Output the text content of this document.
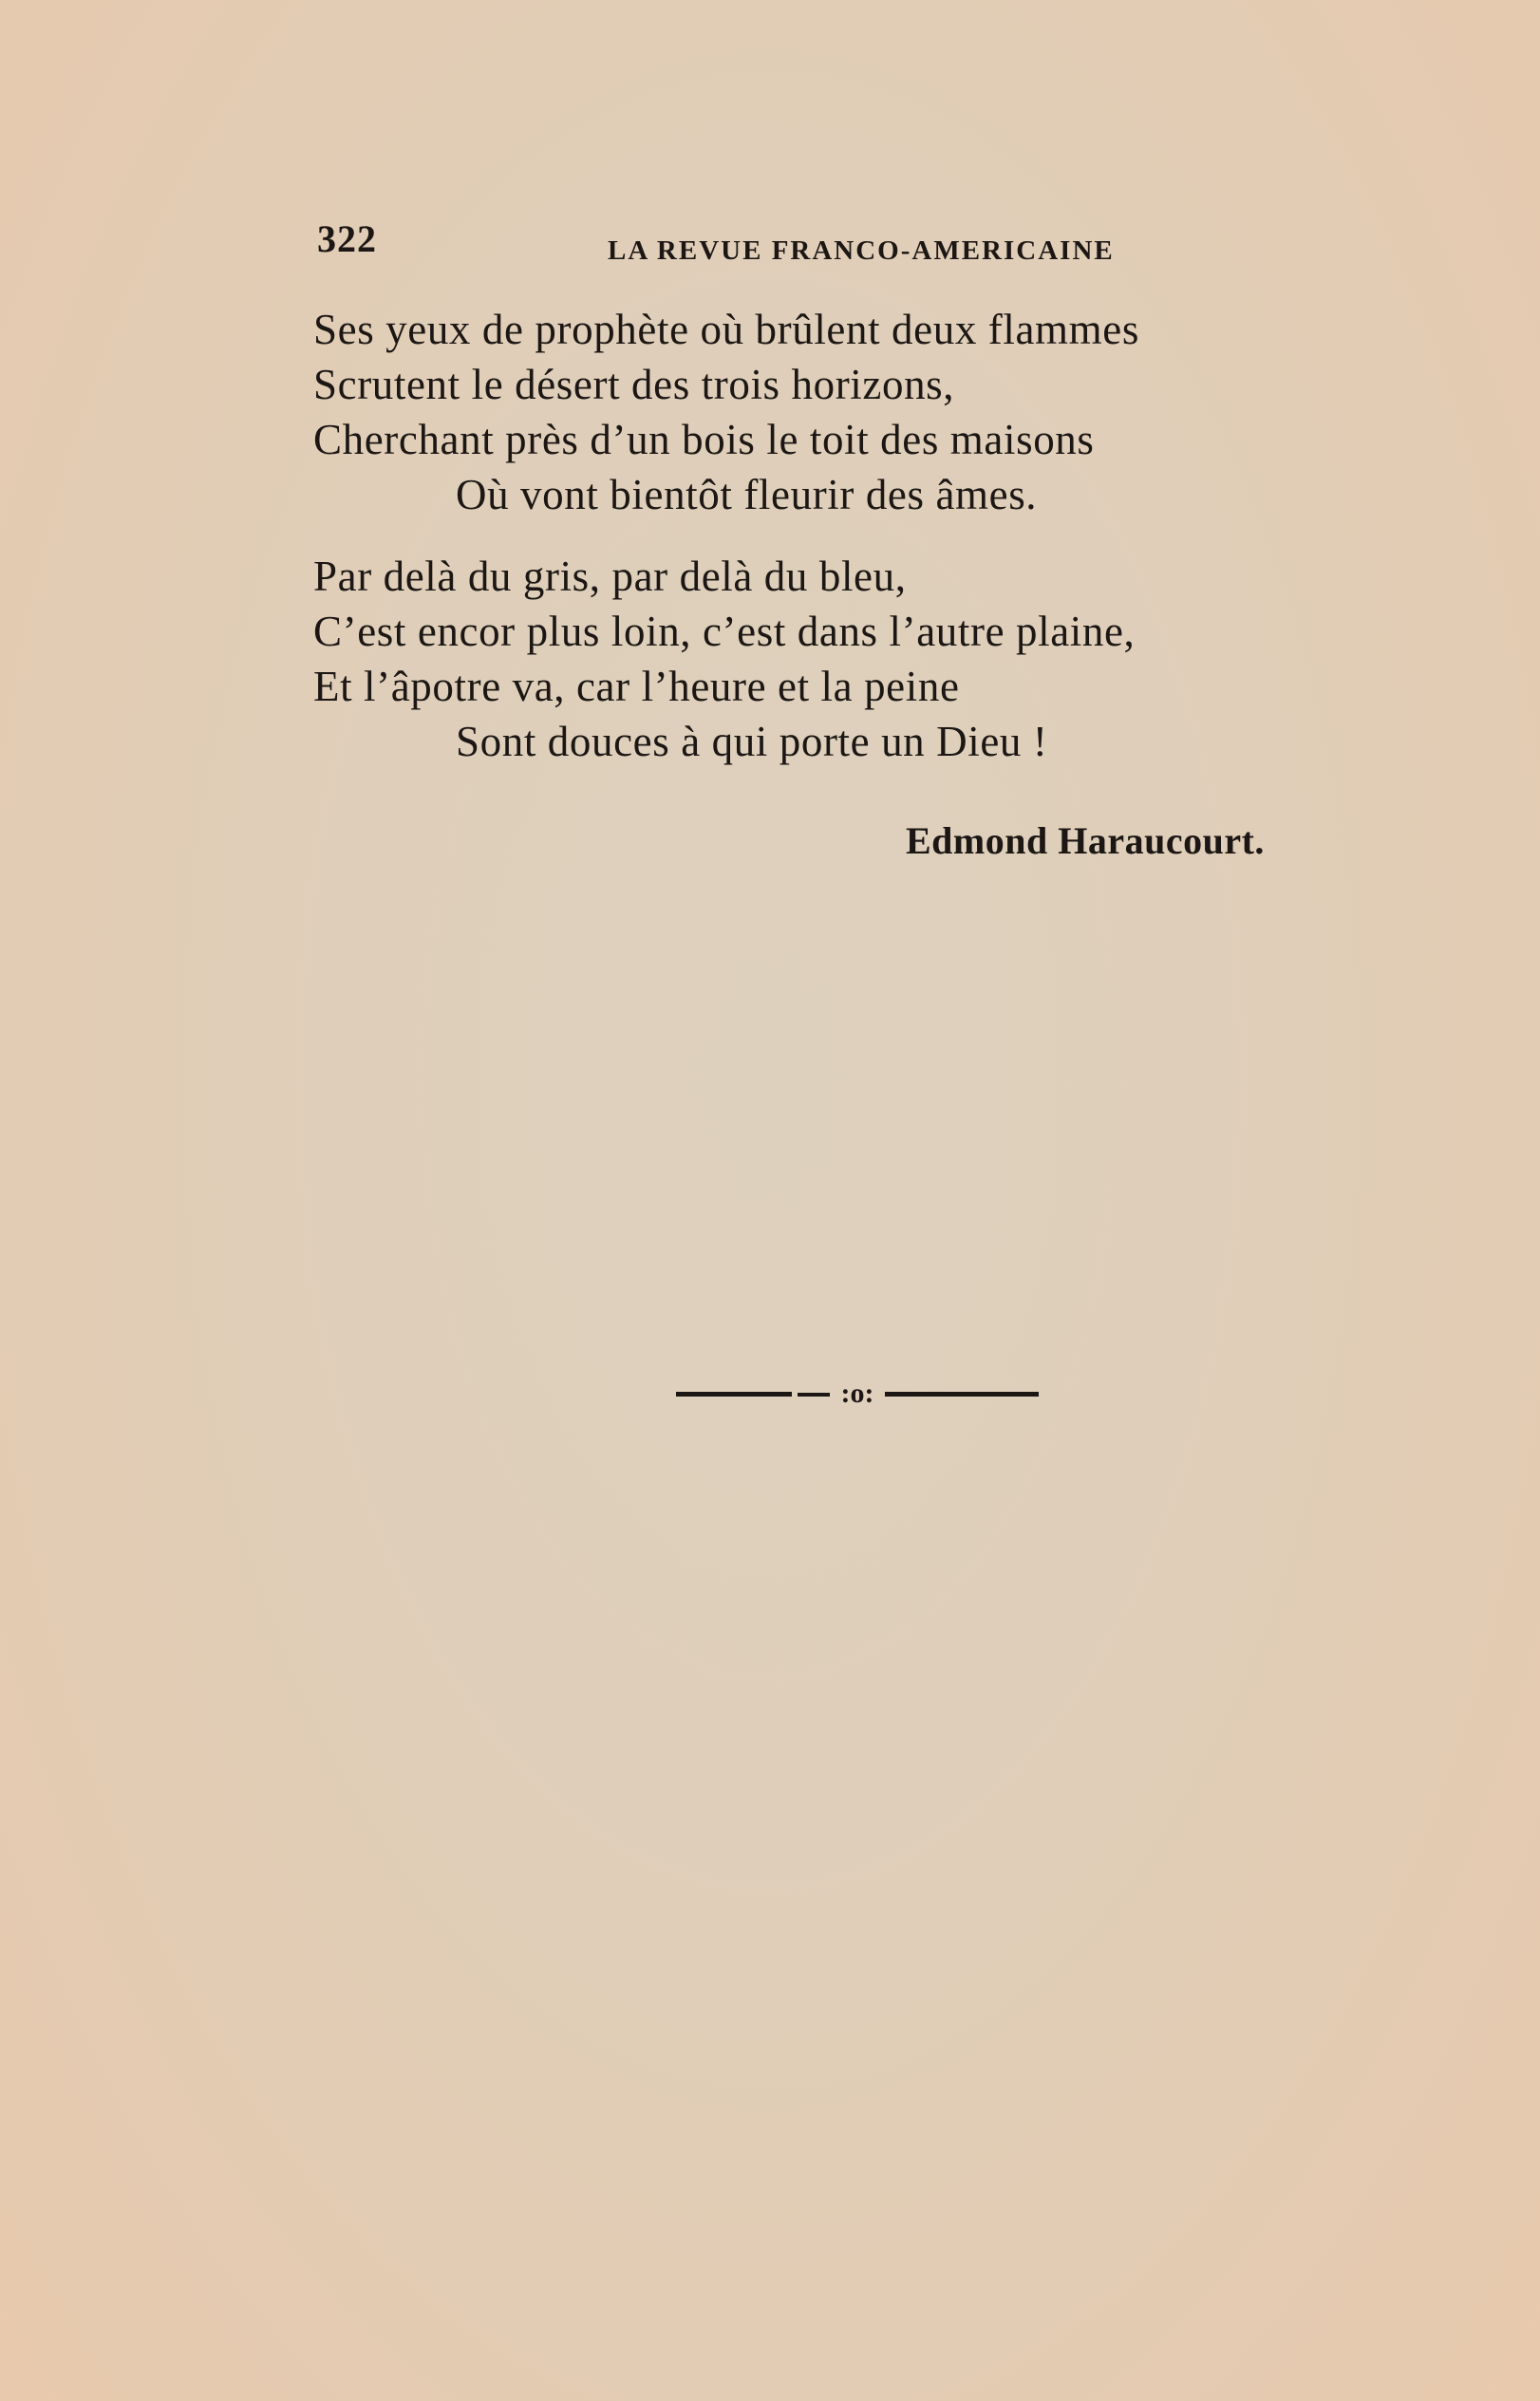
322	LA REVUE FRANCO-AMERICAINE
Ses yeux de prophète où brûlent deux flammes
Scrutent le désert des trois horizons,
Cherchant près d’un bois le toit des maisons
Où vont bientôt fleurir des âmes.
Par delà du gris, par delà du bleu,
C’est encor plus loin, c’est dans l’autre plaine,
Et l’âpotre va, car l’heure et la peine
Sont douces à qui porte un Dieu !
Edmond Haraucourt.
:o:
